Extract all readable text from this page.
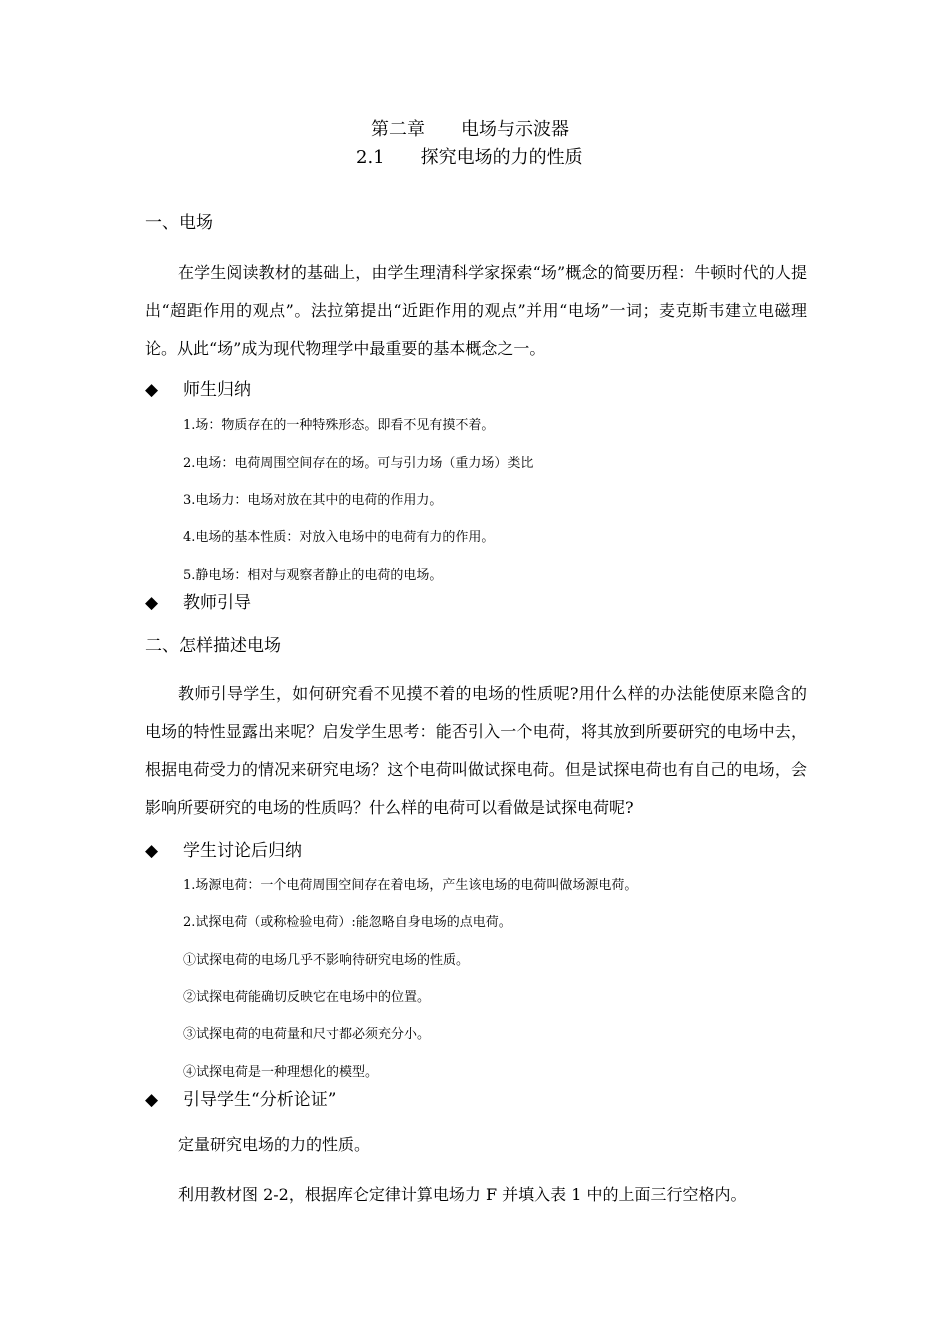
第二章　　电场与示波器
2.1　　探究电场的力的性质
一、电场
在学生阅读教材的基础上，由学生理清科学家探索“场”概念的简要历程：牛顿时代的人提出“超距作用的观点”。法拉第提出“近距作用的观点”并用“电场”一词；麦克斯韦建立电磁理论。从此“场”成为现代物理学中最重要的基本概念之一。
◆ 师生归纳
1.场：物质存在的一种特殊形态。即看不见有摸不着。
2.电场：电荷周围空间存在的场。可与引力场（重力场）类比
3.电场力：电场对放在其中的电荷的作用力。
4.电场的基本性质：对放入电场中的电荷有力的作用。
5.静电场：相对与观察者静止的电荷的电场。
◆ 教师引导
二、怎样描述电场
教师引导学生，如何研究看不见摸不着的电场的性质呢?用什么样的办法能使原来隐含的电场的特性显露出来呢？启发学生思考：能否引入一个电荷，将其放到所要研究的电场中去，根据电荷受力的情况来研究电场？这个电荷叫做试探电荷。但是试探电荷也有自己的电场，会影响所要研究的电场的性质吗？什么样的电荷可以看做是试探电荷呢?
◆ 学生讨论后归纳
1.场源电荷：一个电荷周围空间存在着电场，产生该电场的电荷叫做场源电荷。
2.试探电荷（或称检验电荷）:能忽略自身电场的点电荷。
①试探电荷的电场几乎不影响待研究电场的性质。
②试探电荷能确切反映它在电场中的位置。
③试探电荷的电荷量和尺寸都必须充分小。
④试探电荷是一种理想化的模型。
◆ 引导学生“分析论证”
定量研究电场的力的性质。
利用教材图 2-2，根据库仑定律计算电场力 F 并填入表 1 中的上面三行空格内。
